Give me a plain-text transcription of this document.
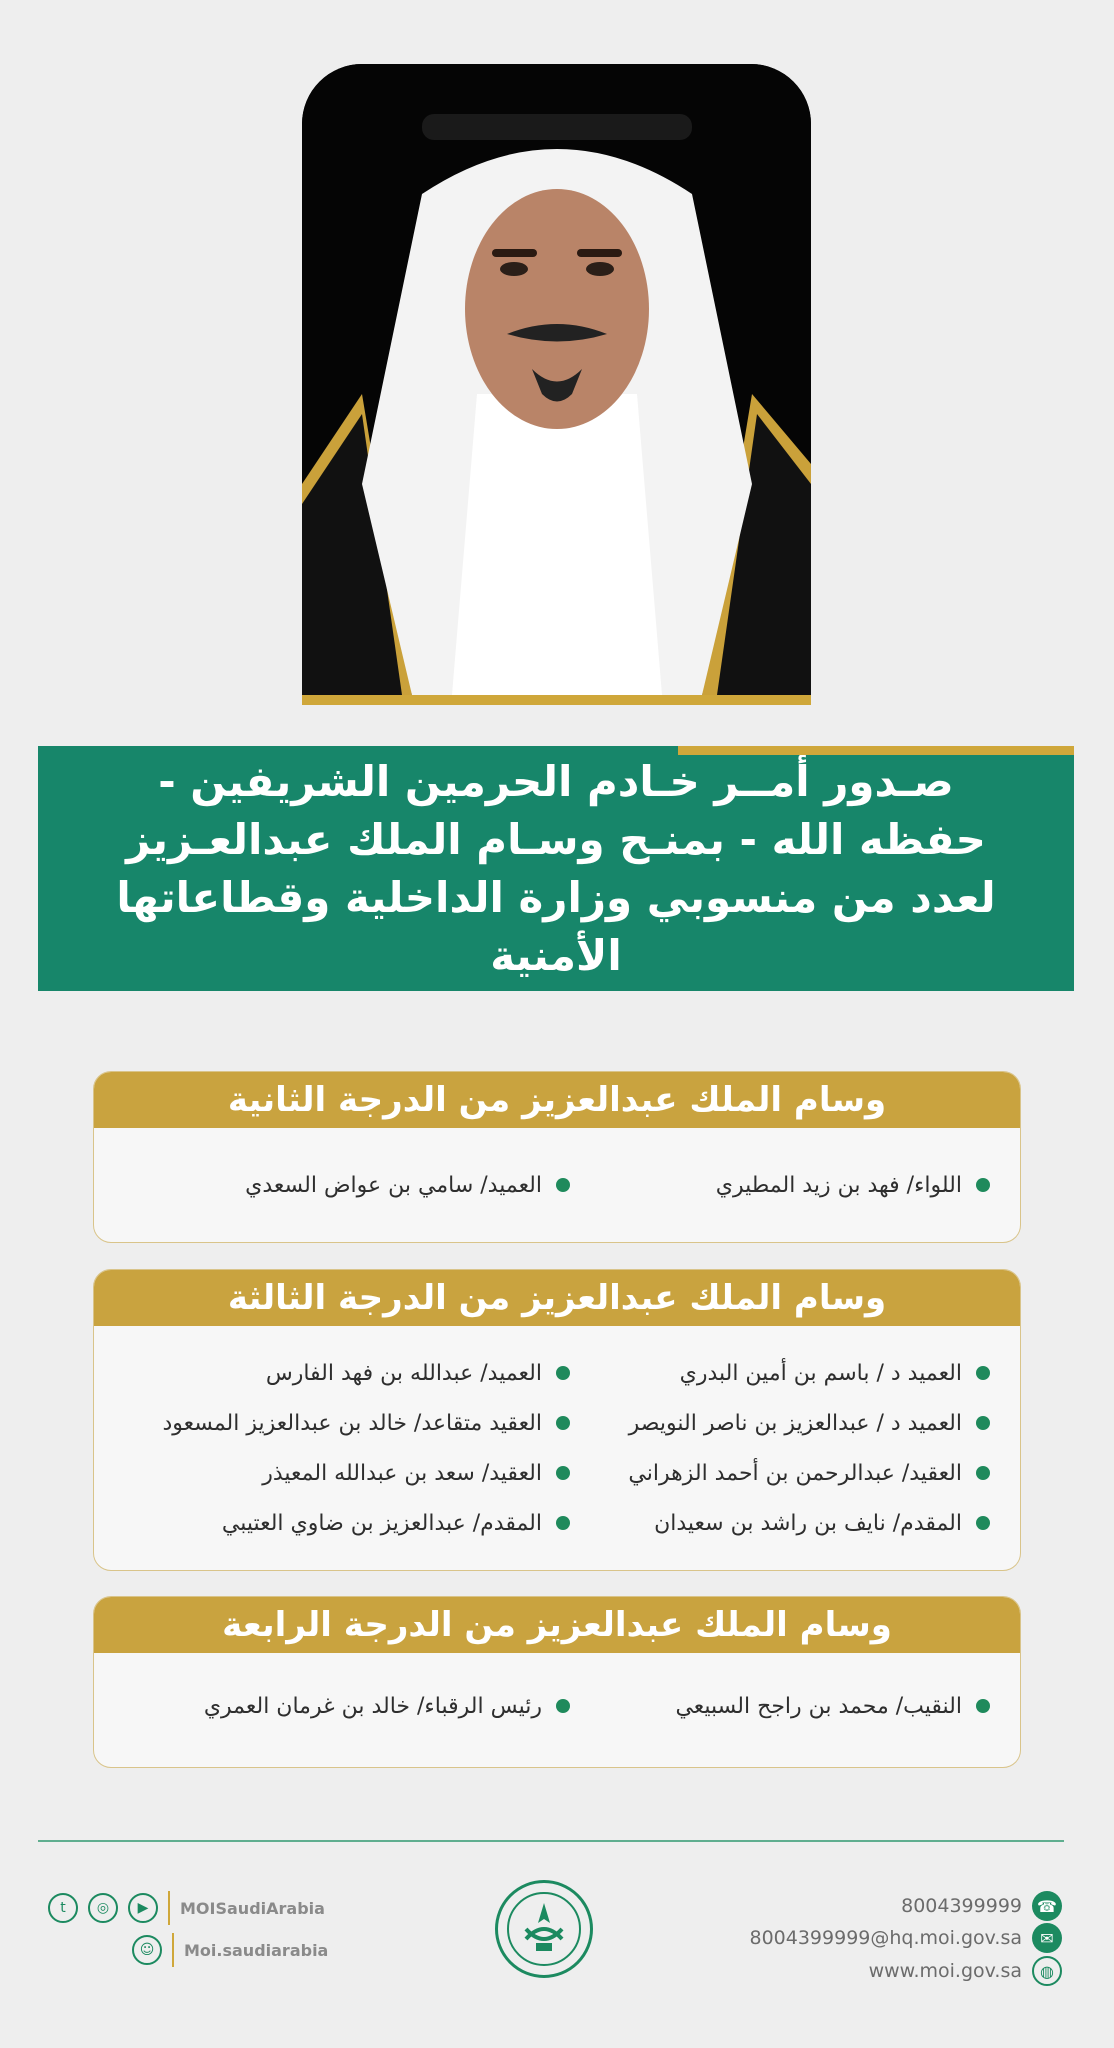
صـدور أمــر خـادم الحرمين الشريفين - حفظه الله - بمنـح وسـام الملك عبدالعـزيز لعدد من منسوبي وزارة الداخلية وقطاعاتها الأمنية
وسام الملك عبدالعزيز من الدرجة الثانية
اللواء/ فهد بن زيد المطيري
العميد/ سامي بن عواض السعدي
وسام الملك عبدالعزيز من الدرجة الثالثة
العميد د / باسم بن أمين البدري
العميد/ عبدالله بن فهد الفارس
العميد د / عبدالعزيز بن ناصر النويصر
العقيد متقاعد/ خالد بن عبدالعزيز المسعود
العقيد/ عبدالرحمن بن أحمد الزهراني
العقيد/ سعد بن عبدالله المعيذر
المقدم/ نايف بن راشد بن سعيدان
المقدم/ عبدالعزيز بن ضاوي العتيبي
وسام الملك عبدالعزيز من الدرجة الرابعة
النقيب/ محمد بن راجح السبيعي
رئيس الرقباء/ خالد بن غرمان العمري
t	◎	▶	MOISaudiArabia
☺	Moi.saudiarabia
8004399999 ☎
8004399999@hq.moi.gov.sa	✉
www.moi.gov.sa	◍
